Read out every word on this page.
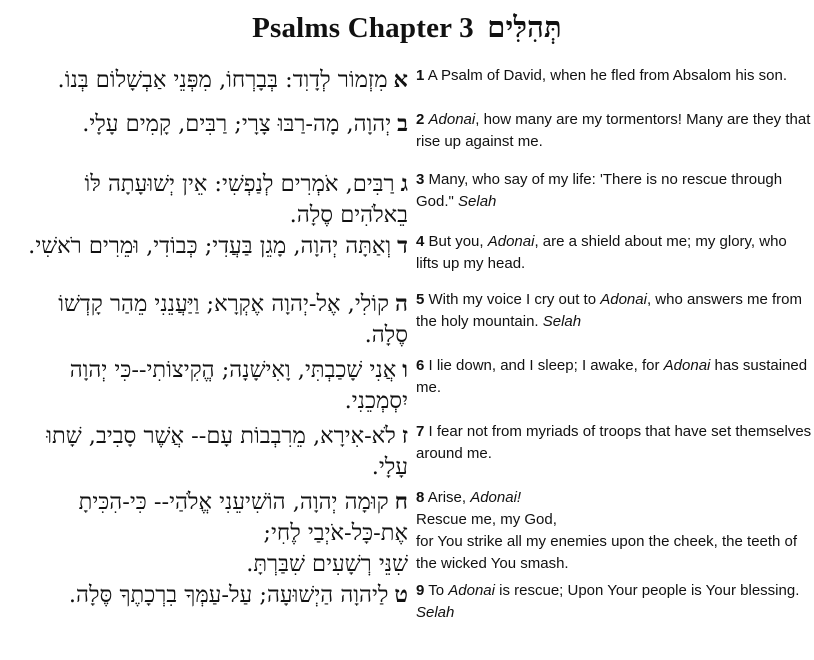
Psalms Chapter 3 תְּהִלִּים
אמִזְמוֹר לְדָוִד: בְּבָרְחוֹ, מִפְּנֵי אַבְשָׁלוֹם בְּנוֹ.	1 A Psalm of David, when he fled from Absalom his son.

ביְהוָה, מָה-רַבּוּ צָרָי; רַבִּים, קָמִים עָלָי.	2 Adonai, how many are my tormentors! Many are they that rise up against me.

גרַבִּים, אֹמְרִים לְנַפְשִׁי: אֵין יְשׁוּעָתָה לּוֹ בֵאלֹהִים סֶלָה.	3 Many, who say of my life: 'There is no rescue through God." Selah

דוְאַתָּה יְהוָה, מָגֵן בַּעֲדִי; כְּבוֹדִי, וּמֵרִים רֹאשִׁי.	4 But you, Adonai, are a shield about me; my glory, who lifts up my head.

הקוֹלִי, אֶל-יְהוָה אֶקְרָא; וַיַּעֲנֵנִי מֵהַר קָדְשׁוֹ סֶלָה.	5 With my voice I cry out to Adonai, who answers me from the holy mountain. Selah

ואֲנִי שָׁכַבְתִּי, וָאִישָׁנָה; הֱקִיצוֹתִי--כִּי יְהוָה יִסְמְכֵנִי.	6 I lie down, and I sleep; I awake, for Adonai has sustained me.

זלֹא-אִירָא, מֵרִבְבוֹת עָם-- אֲשֶׁר סָבִיב, שָׁתוּ עָלָי.	7 I fear not from myriads of troops that have set themselves
around me.

חקוּמָה יְהוָה, הוֹשִׁיעֵנִי אֱלֹהַי-- כִּי-הִכִּיתָ אֶת-כָּל-אֹיְבַי לֶחִי;
שִׁנֵּי רְשָׁעִים שִׁבַּרְתָּ.	8 Arise, Adonai!
Rescue me, my God,
for You strike all my enemies upon the cheek, the teeth of the wicked You smash.

טלַיהוָה הַיְשׁוּעָה; עַל-עַמְּךָ בִרְכָתֶךָ סֶּלָה.	9 To Adonai is rescue; Upon Your people is Your blessing. Selah
